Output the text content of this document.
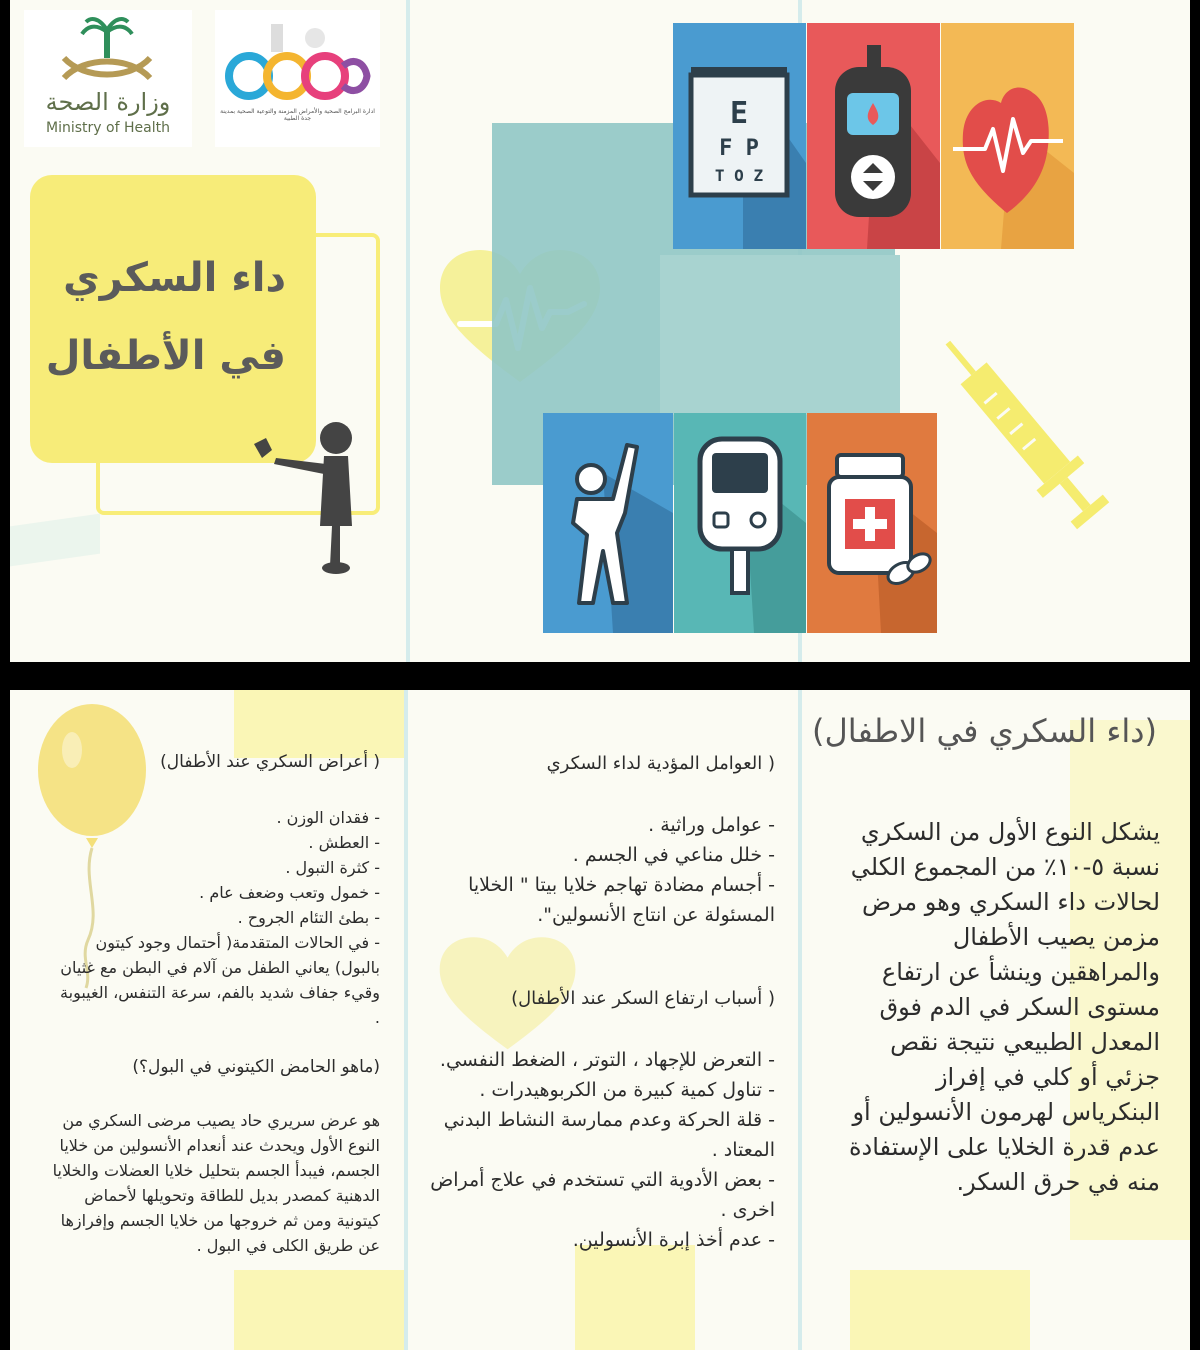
وزارة الصحة
Ministry of Health
ادارة البرامج الصحية والأمراض المزمنة والتوعية الصحية بمدينة جدة الطبية
داء السكري
في الأطفال
E
F P
T O Z
(داء السكري في الاطفال)
يشكل النوع الأول من السكري نسبة ٥-١٠٪ من المجموع الكلي لحالات داء السكري وهو مرض مزمن يصيب الأطفال والمراهقين وينشأ عن ارتفاع مستوى السكر في الدم فوق المعدل الطبيعي نتيجة نقص جزئي أو كلي في إفراز البنكرياس لهرمون الأنسولين أو عدم قدرة الخلايا على الإستفادة منه في حرق السكر.
( العوامل المؤدية لداء السكري
- عوامل وراثية .
- خلل مناعي في الجسم .
- أجسام مضادة تهاجم خلايا بيتا " الخلايا المسئولة عن انتاج الأنسولين".
( أسباب ارتفاع السكر عند الأطفال)
- التعرض للإجهاد ، التوتر ، الضغط النفسي.
- تناول كمية كبيرة من الكربوهيدرات .
- قلة الحركة وعدم ممارسة النشاط البدني المعتاد .
- بعض الأدوية التي تستخدم في علاج أمراض اخرى .
- عدم أخذ إبرة الأنسولين.
( أعراض السكري عند الأطفال)
- فقدان الوزن .
- العطش .
- كثرة التبول .
- خمول وتعب وضعف عام .
- بطئ التئام الجروح .
- في الحالات المتقدمة( أحتمال وجود كيتون بالبول) يعاني الطفل من آلام في البطن مع غثيان وقيء جفاف شديد بالفم، سرعة التنفس، الغيبوبة .
(ماهو الحامض الكيتوني في البول؟)
هو عرض سريري حاد يصيب مرضى السكري من النوع الأول ويحدث عند أنعدام الأنسولين من خلايا الجسم، فيبدأ الجسم بتحليل خلايا العضلات والخلايا الدهنية كمصدر بديل للطاقة وتحويلها لأحماض كيتونية ومن ثم خروجها من خلايا الجسم وإفرازها عن طريق الكلى في البول .
